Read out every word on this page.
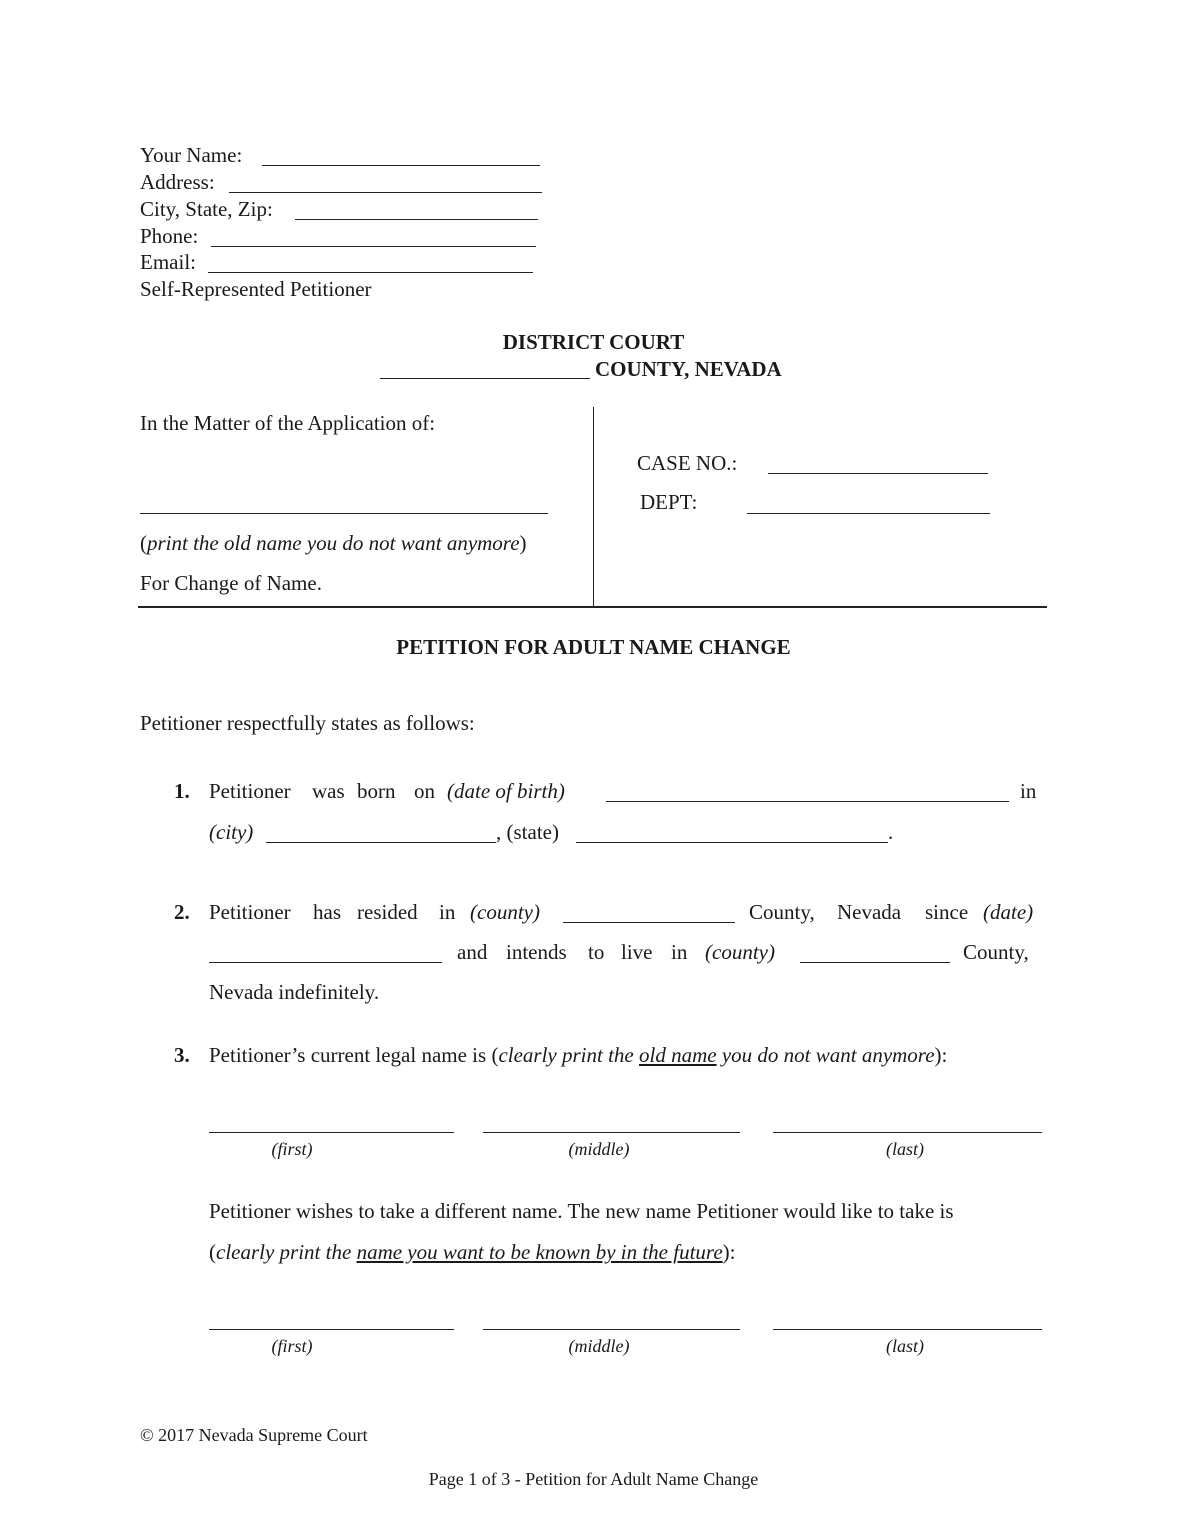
Your Name:
Address:
City, State, Zip:
Phone:
Email:
Self-Represented Petitioner
DISTRICT COURT
COUNTY, NEVADA
In the Matter of the Application of:
(print the old name you do not want anymore)
For Change of Name.
CASE NO.:
DEPT:
PETITION FOR ADULT NAME CHANGE
Petitioner respectfully states as follows:
1. Petitioner was born on (date of birth)	in
(city)	, (state)	.
2. Petitioner has resided in (county)	County, Nevada since (date)
and intends to live in (county)	County,
Nevada indefinitely.
3. Petitioner’s current legal name is (clearly print the old name you do not want anymore):
(first)	(middle)	(last)
Petitioner wishes to take a different name. The new name Petitioner would like to take is
(clearly print the name you want to be known by in the future):
(first)	(middle)	(last)
© 2017 Nevada Supreme Court
Page 1 of 3 - Petition for Adult Name Change
